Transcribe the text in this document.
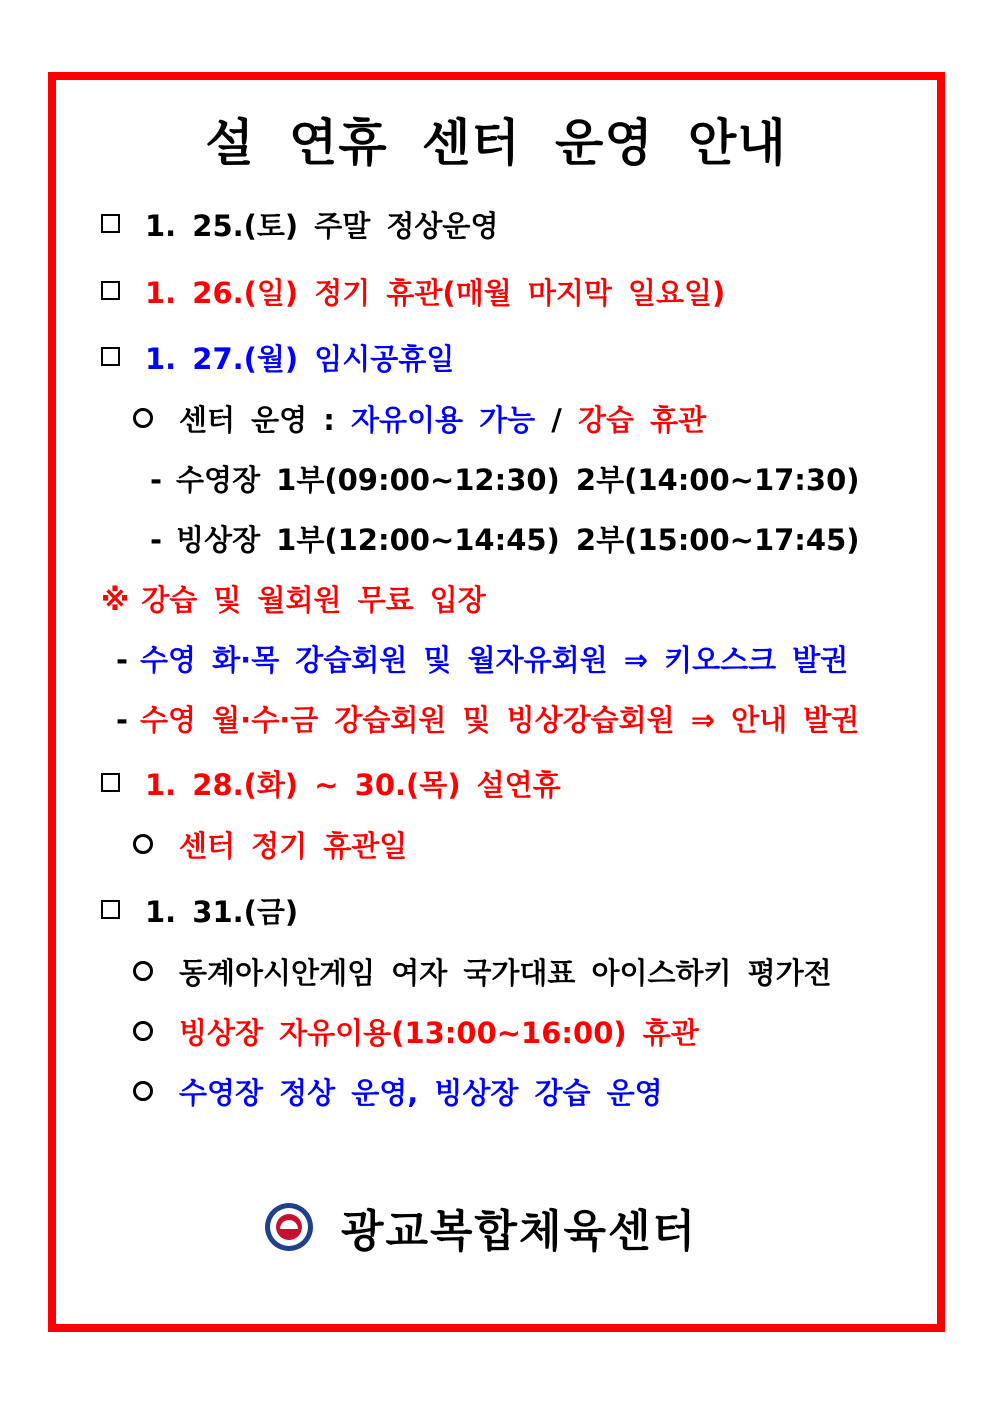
설 연휴 센터 운영 안내
1. 25.(토) 주말 정상운영
1. 26.(일) 정기 휴관(매월 마지막 일요일)
1. 27.(월) 임시공휴일
센터 운영 : 자유이용 가능 / 강습 휴관
- 수영장 1부(09:00~12:30) 2부(14:00~17:30)
- 빙상장 1부(12:00~14:45) 2부(15:00~17:45)
※ 강습 및 월회원 무료 입장
- 수영 화·목 강습회원 및 월자유회원 ⇒ 키오스크 발권
- 수영 월·수·금 강습회원 및 빙상강습회원 ⇒ 안내 발권
1. 28.(화) ~ 30.(목) 설연휴
센터 정기 휴관일
1. 31.(금)
동계아시안게임 여자 국가대표 아이스하키 평가전
빙상장 자유이용(13:00~16:00) 휴관
수영장 정상 운영, 빙상장 강습 운영
광교복합체육센터
